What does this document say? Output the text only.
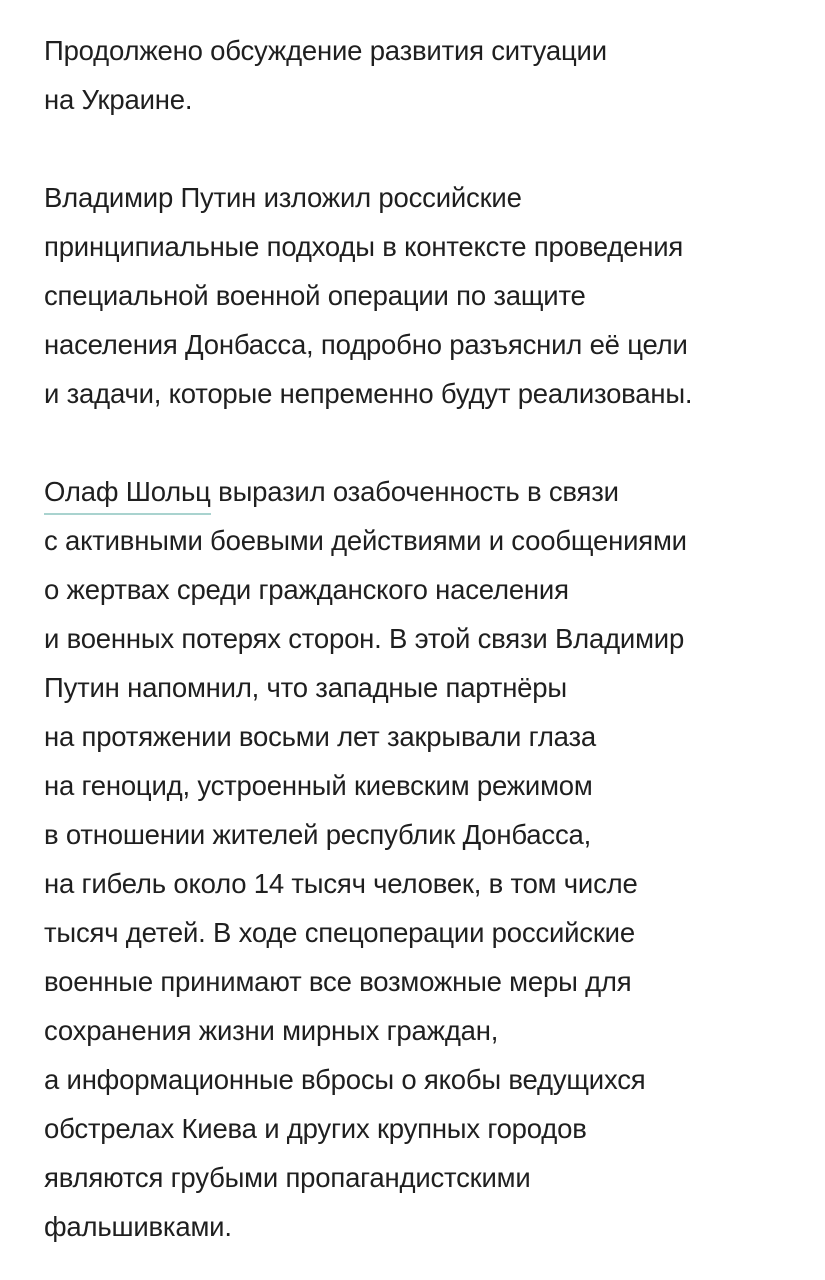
Продолжено обсуждение развития ситуации
на Украине.

Владимир Путин изложил российские
принципиальные подходы в контексте проведения
специальной военной операции по защите
населения Донбасса, подробно разъяснил её цели
и задачи, которые непременно будут реализованы.

Олаф Шольц выразил озабоченность в связи
с активными боевыми действиями и сообщениями
о жертвах среди гражданского населения
и военных потерях сторон. В этой связи Владимир
Путин напомнил, что западные партнёры
на протяжении восьми лет закрывали глаза
на геноцид, устроенный киевским режимом
в отношении жителей республик Донбасса,
на гибель около 14 тысяч человек, в том числе
тысяч детей. В ходе спецоперации российские
военные принимают все возможные меры для
сохранения жизни мирных граждан,
а информационные вбросы о якобы ведущихся
обстрелах Киева и других крупных городов
являются грубыми пропагандистскими
фальшивками.
